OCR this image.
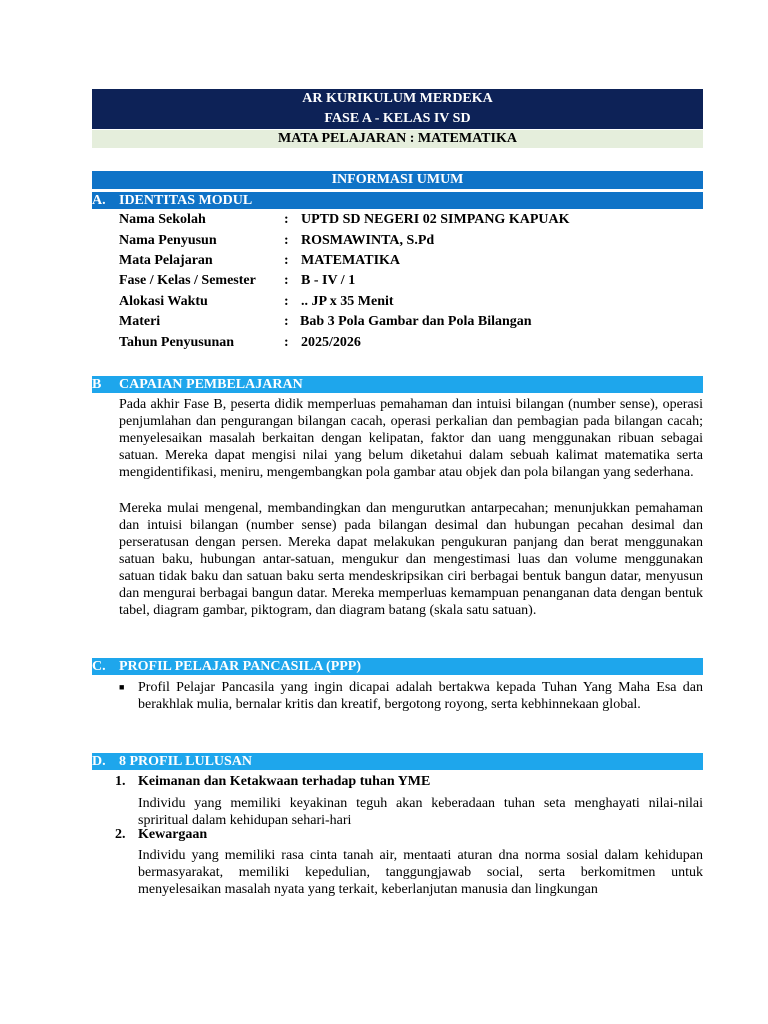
AR KURIKULUM MERDEKA
FASE A - KELAS IV SD
MATA PELAJARAN : MATEMATIKA
INFORMASI UMUM
A. IDENTITAS MODUL
Nama Sekolah	: UPTD SD NEGERI 02 SIMPANG KAPUAK
Nama Penyusun	: ROSMAWINTA, S.Pd
Mata Pelajaran	: MATEMATIKA
Fase / Kelas / Semester : B - IV / 1
Alokasi Waktu	: .. JP x 35 Menit
Materi	: Bab 3 Pola Gambar dan Pola Bilangan
Tahun Penyusunan	: 2025/2026
B CAPAIAN PEMBELAJARAN

Pada akhir Fase B, peserta didik memperluas pemahaman dan intuisi bilangan (number sense), operasi penjumlahan dan pengurangan bilangan cacah, operasi perkalian dan pembagian pada bilangan cacah; menyelesaikan masalah berkaitan dengan kelipatan, faktor dan uang menggunakan ribuan sebagai satuan. Mereka dapat mengisi nilai yang belum diketahui dalam sebuah kalimat matematika serta mengidentifikasi, meniru, mengembangkan pola gambar atau objek dan pola bilangan yang sederhana.

Mereka mulai mengenal, membandingkan dan mengurutkan antarpecahan; menunjukkan pemahaman dan intuisi bilangan (number sense) pada bilangan desimal dan hubungan pecahan desimal dan perseratusan dengan persen. Mereka dapat melakukan pengukuran panjang dan berat menggunakan satuan baku, hubungan antar-satuan, mengukur dan mengestimasi luas dan volume menggunakan satuan tidak baku dan satuan baku serta mendeskripsikan ciri berbagai bentuk bangun datar, menyusun dan mengurai berbagai bangun datar. Mereka memperluas kemampuan penanganan data dengan bentuk tabel, diagram gambar, piktogram, dan diagram batang (skala satu satuan).

C. PROFIL PELAJAR PANCASILA (PPP)
■ Profil Pelajar Pancasila yang ingin dicapai adalah bertakwa kepada Tuhan Yang Maha Esa dan berakhlak mulia, bernalar kritis dan kreatif, bergotong royong, serta kebhinnekaan global.

D. 8 PROFIL LULUSAN
1. Keimanan dan Ketakwaan terhadap tuhan YME

Individu yang memiliki keyakinan teguh akan keberadaan tuhan seta menghayati nilai-nilai spriritual dalam kehidupan sehari-hari

2. Kewargaan

Individu yang memiliki rasa cinta tanah air, mentaati aturan dna norma sosial dalam kehidupan bermasyarakat, memiliki kepedulian, tanggungjawab social, serta berkomitmen untuk menyelesaikan masalah nyata yang terkait, keberlanjutan manusia dan lingkungan
